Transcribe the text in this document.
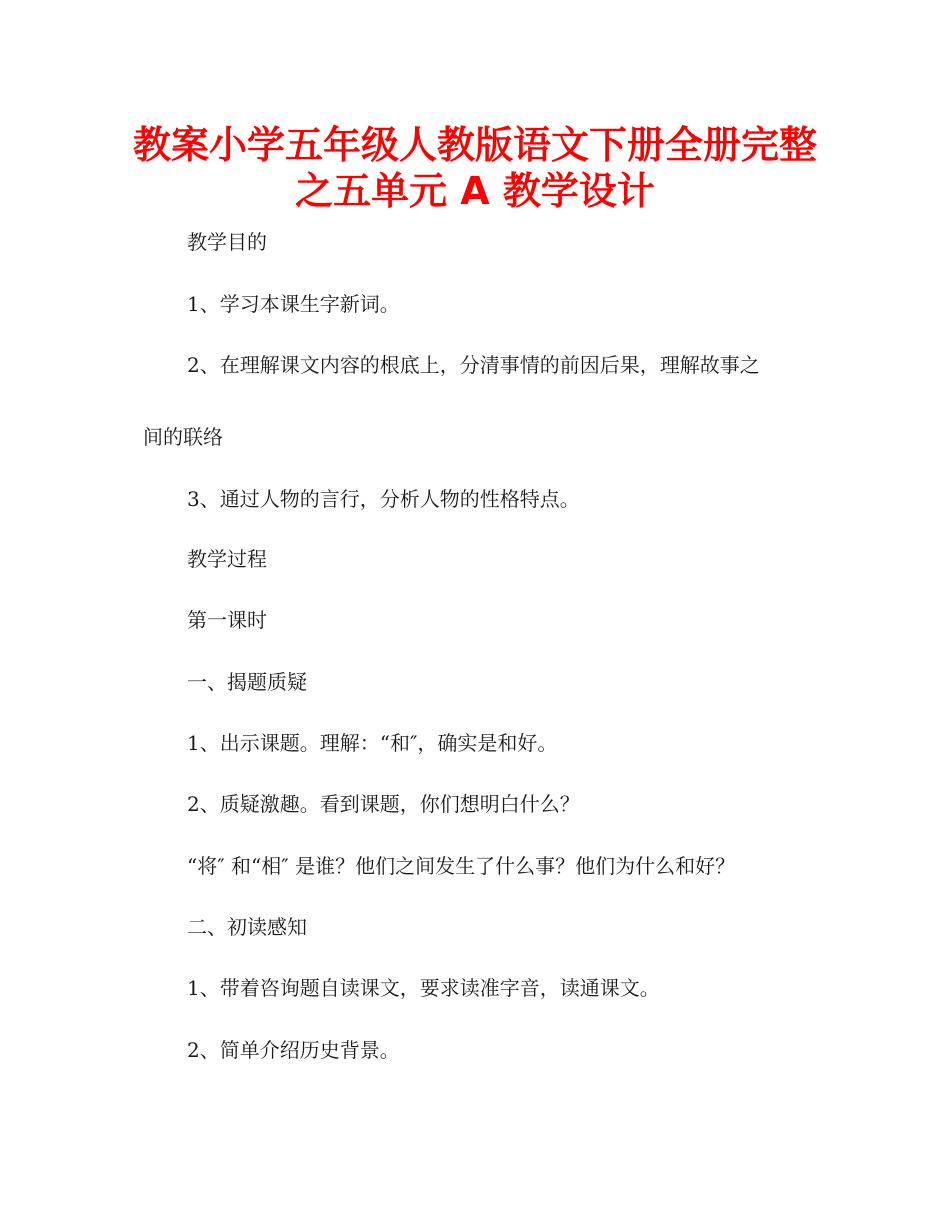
教案小学五年级人教版语文下册全册完整
之五单元 A 教学设计

教学目的

1、学习本课生字新词。

2、在理解课文内容的根底上，分清事情的前因后果，理解故事之

间的联络

3、通过人物的言行，分析人物的性格特点。

教学过程

第一课时

一、揭题质疑

1、出示课题。理解：“和″，确实是和好。

2、质疑激趣。看到课题，你们想明白什么？

“将″ 和“相″ 是谁？他们之间发生了什么事？他们为什么和好？

二、初读感知

1、带着咨询题自读课文，要求读准字音，读通课文。

2、简单介绍历史背景。
